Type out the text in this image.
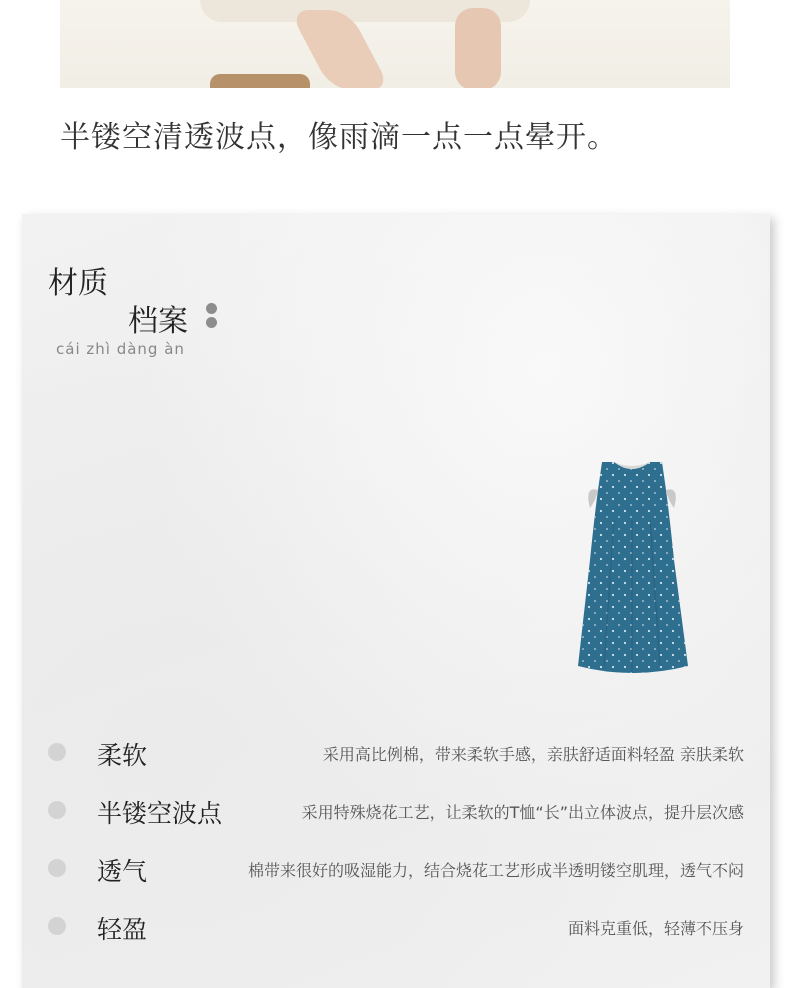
半镂空清透波点，像雨滴一点一点晕开。
材质
档案
cái zhì dàng àn
柔软	采用高比例棉，带来柔软手感，亲肤舒适面料轻盈 亲肤柔软
半镂空波点	采用特殊烧花工艺，让柔软的T恤“长”出立体波点，提升层次感
透气	棉带来很好的吸湿能力，结合烧花工艺形成半透明镂空肌理，透气不闷
轻盈	面料克重低，轻薄不压身
